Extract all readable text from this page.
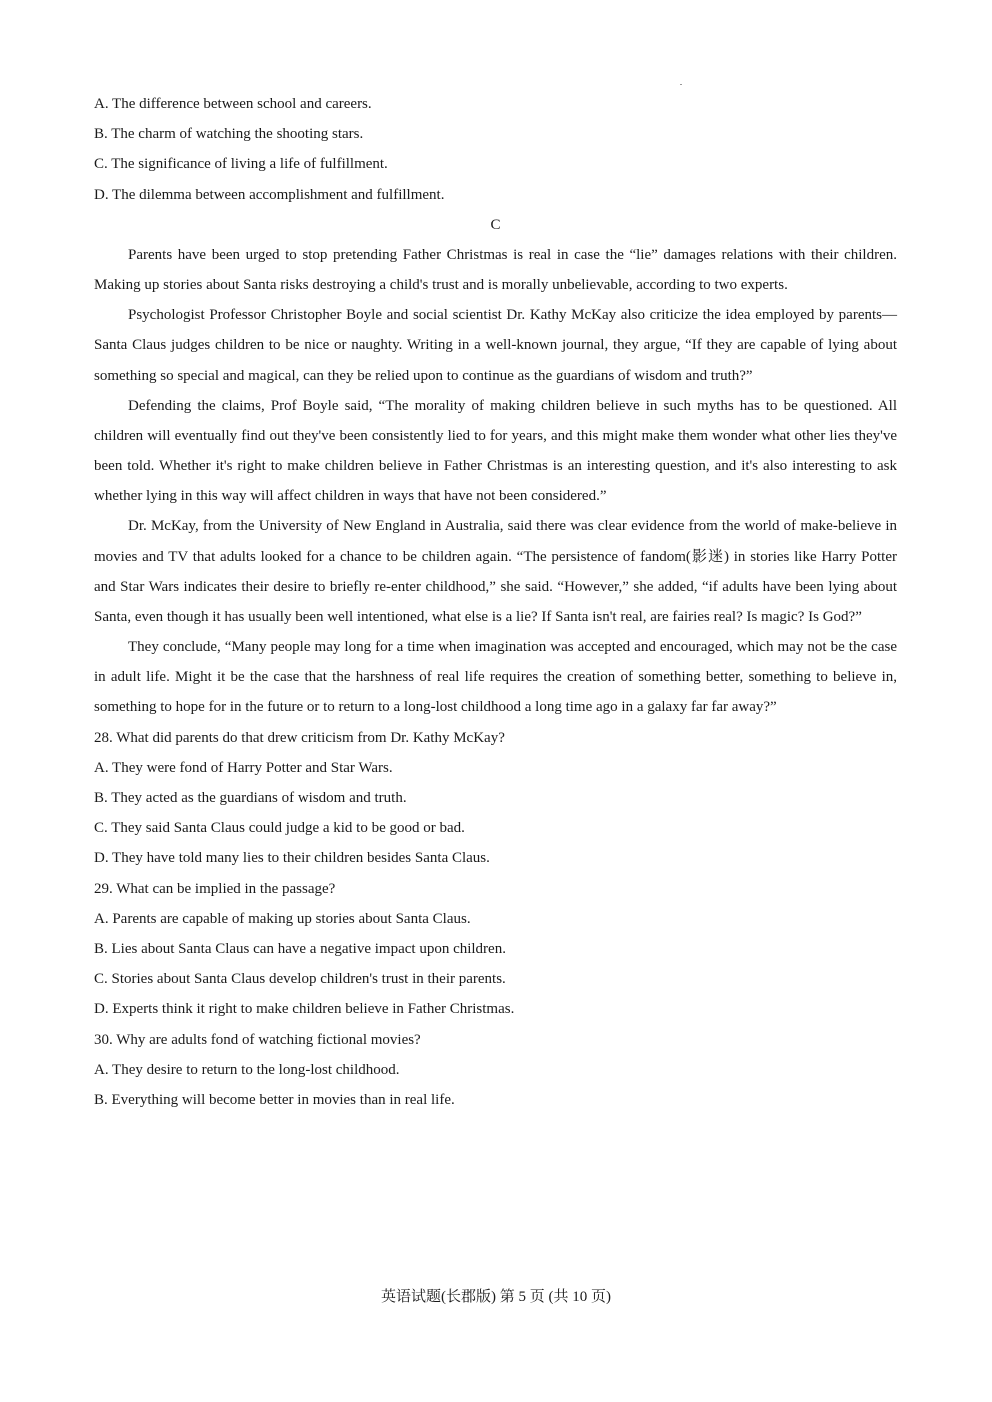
A. The difference between school and careers.

B. The charm of watching the shooting stars.

C. The significance of living a life of fulfillment.

D. The dilemma between accomplishment and fulfillment.

C

Parents have been urged to stop pretending Father Christmas is real in case the “lie” damages relations with their children. Making up stories about Santa risks destroying a child's trust and is morally unbelievable, according to two experts.

Psychologist Professor Christopher Boyle and social scientist Dr. Kathy McKay also criticize the idea employed by parents—Santa Claus judges children to be nice or naughty. Writing in a well-known journal, they argue, “If they are capable of lying about something so special and magical, can they be relied upon to continue as the guardians of wisdom and truth?”

Defending the claims, Prof Boyle said, “The morality of making children believe in such myths has to be questioned. All children will eventually find out they've been consistently lied to for years, and this might make them wonder what other lies they've been told. Whether it's right to make children believe in Father Christmas is an interesting question, and it's also interesting to ask whether lying in this way will affect children in ways that have not been considered.”

Dr. McKay, from the University of New England in Australia, said there was clear evidence from the world of make-believe in movies and TV that adults looked for a chance to be children again. “The persistence of fandom(影迷) in stories like Harry Potter and Star Wars indicates their desire to briefly re-enter childhood,” she said. “However,” she added, “if adults have been lying about Santa, even though it has usually been well intentioned, what else is a lie? If Santa isn't real, are fairies real? Is magic? Is God?”

They conclude, “Many people may long for a time when imagination was accepted and encouraged, which may not be the case in adult life. Might it be the case that the harshness of real life requires the creation of something better, something to believe in, something to hope for in the future or to return to a long-lost childhood a long time ago in a galaxy far far away?”

28. What did parents do that drew criticism from Dr. Kathy McKay?

A. They were fond of Harry Potter and Star Wars.

B. They acted as the guardians of wisdom and truth.

C. They said Santa Claus could judge a kid to be good or bad.

D. They have told many lies to their children besides Santa Claus.

29. What can be implied in the passage?

A. Parents are capable of making up stories about Santa Claus.

B. Lies about Santa Claus can have a negative impact upon children.

C. Stories about Santa Claus develop children's trust in their parents.

D. Experts think it right to make children believe in Father Christmas.

30. Why are adults fond of watching fictional movies?

A. They desire to return to the long-lost childhood.

B. Everything will become better in movies than in real life.

英语试题(长郡版) 第 5 页 (共 10 页)
